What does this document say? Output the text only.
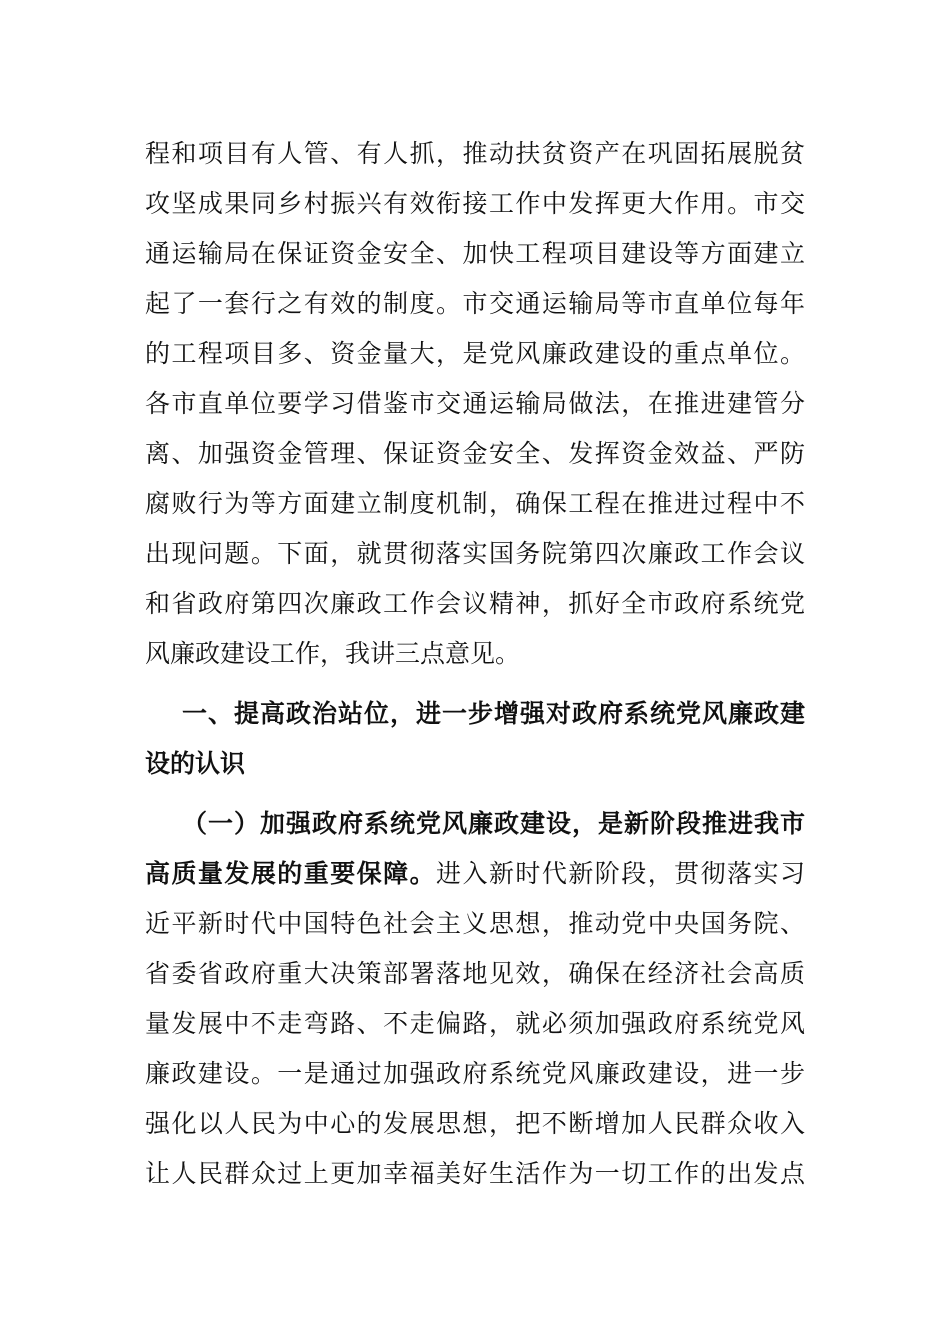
程和项目有人管、有人抓，推动扶贫资产在巩固拓展脱贫
攻坚成果同乡村振兴有效衔接工作中发挥更大作用。市交
通运输局在保证资金安全、加快工程项目建设等方面建立
起了一套行之有效的制度。市交通运输局等市直单位每年
的工程项目多、资金量大，是党风廉政建设的重点单位。
各市直单位要学习借鉴市交通运输局做法，在推进建管分
离、加强资金管理、保证资金安全、发挥资金效益、严防
腐败行为等方面建立制度机制，确保工程在推进过程中不
出现问题。下面，就贯彻落实国务院第四次廉政工作会议
和省政府第四次廉政工作会议精神，抓好全市政府系统党
风廉政建设工作，我讲三点意见。
一、提高政治站位，进一步增强对政府系统党风廉政建
设的认识
（一）加强政府系统党风廉政建设，是新阶段推进我市
高质量发展的重要保障。进入新时代新阶段，贯彻落实习
近平新时代中国特色社会主义思想，推动党中央国务院、
省委省政府重大决策部署落地见效，确保在经济社会高质
量发展中不走弯路、不走偏路，就必须加强政府系统党风
廉政建设。一是通过加强政府系统党风廉政建设，进一步
强化以人民为中心的发展思想，把不断增加人民群众收入
让人民群众过上更加幸福美好生活作为一切工作的出发点
